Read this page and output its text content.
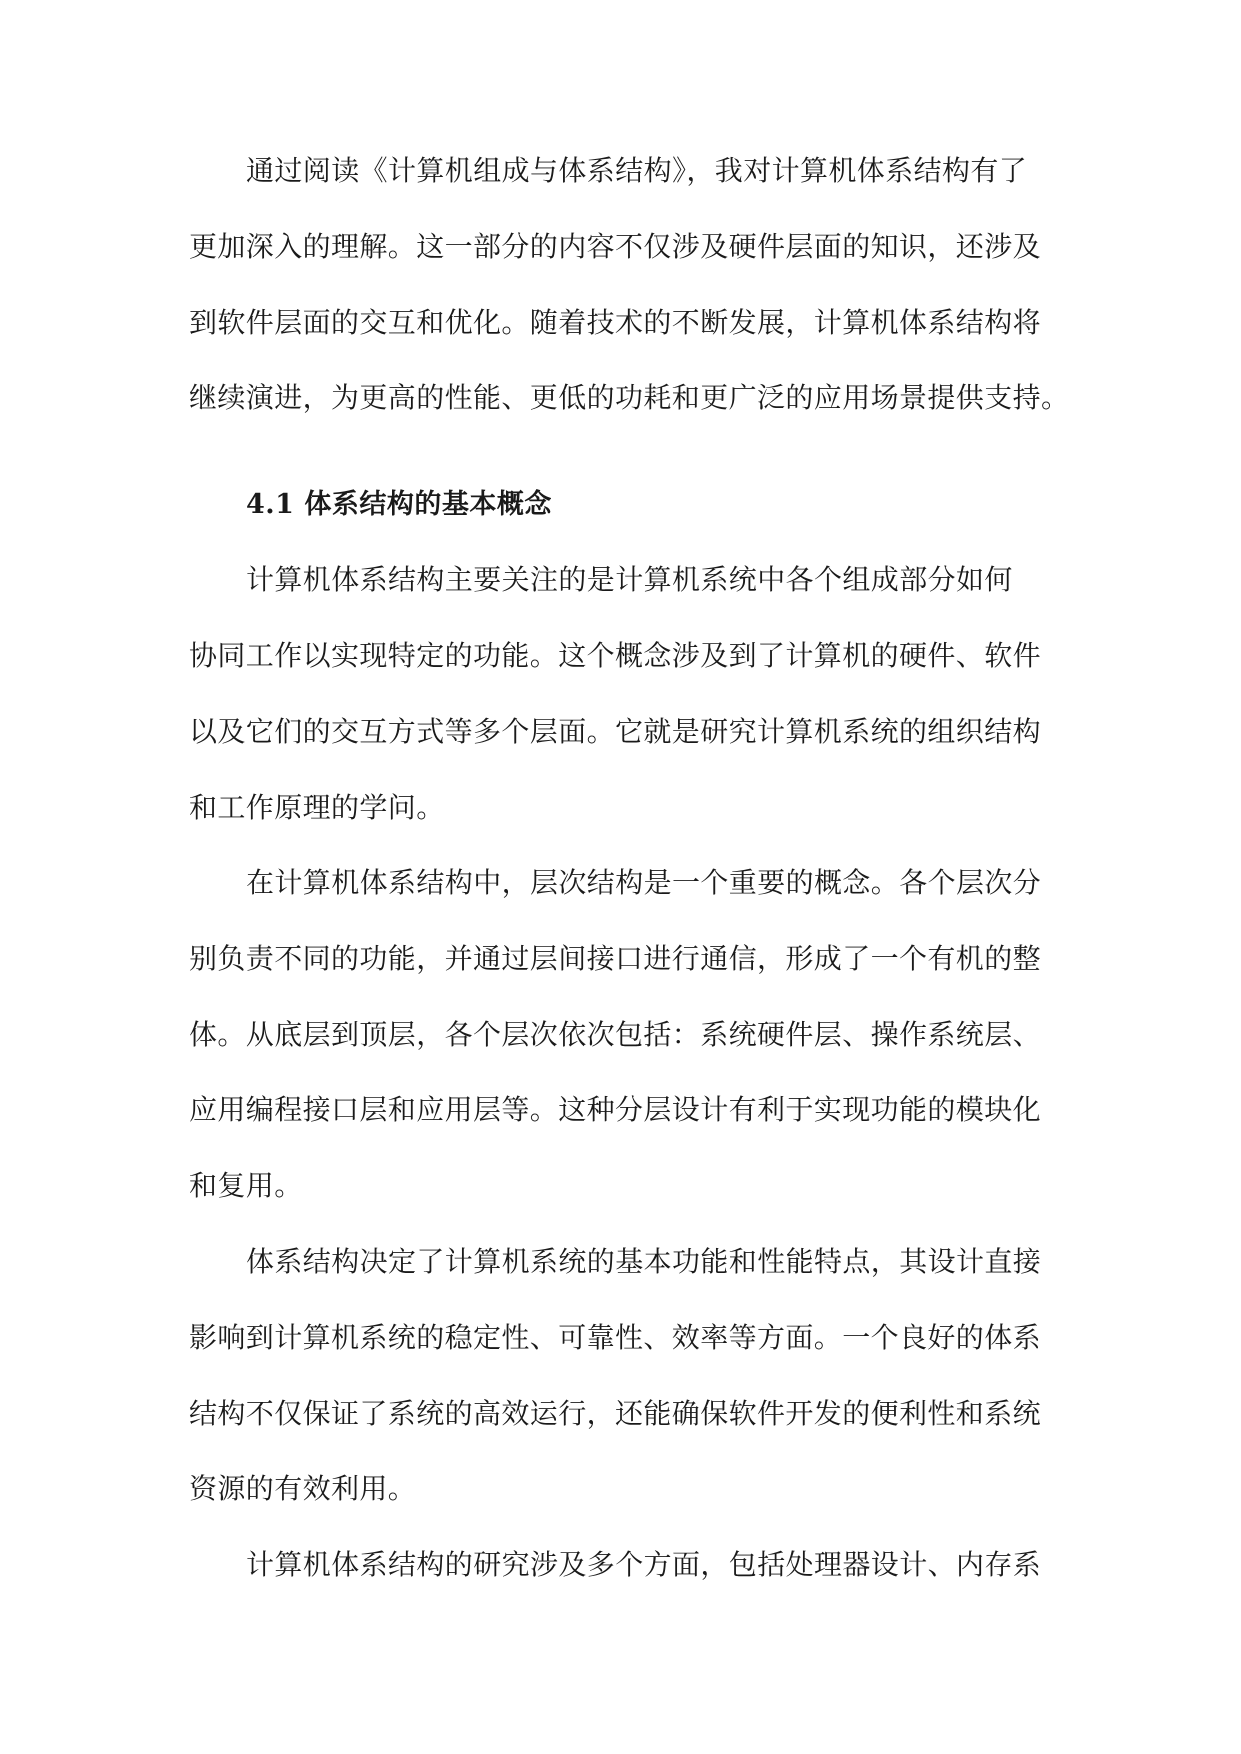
通过阅读《计算机组成与体系结构》，我对计算机体系结构有了
更加深入的理解。这一部分的内容不仅涉及硬件层面的知识，还涉及
到软件层面的交互和优化。随着技术的不断发展，计算机体系结构将
继续演进，为更高的性能、更低的功耗和更广泛的应用场景提供支持。
4.1 体系结构的基本概念
计算机体系结构主要关注的是计算机系统中各个组成部分如何
协同工作以实现特定的功能。这个概念涉及到了计算机的硬件、软件
以及它们的交互方式等多个层面。它就是研究计算机系统的组织结构
和工作原理的学问。
在计算机体系结构中，层次结构是一个重要的概念。各个层次分
别负责不同的功能，并通过层间接口进行通信，形成了一个有机的整
体。从底层到顶层，各个层次依次包括：系统硬件层、操作系统层、
应用编程接口层和应用层等。这种分层设计有利于实现功能的模块化
和复用。
体系结构决定了计算机系统的基本功能和性能特点，其设计直接
影响到计算机系统的稳定性、可靠性、效率等方面。一个良好的体系
结构不仅保证了系统的高效运行，还能确保软件开发的便利性和系统
资源的有效利用。
计算机体系结构的研究涉及多个方面，包括处理器设计、内存系
